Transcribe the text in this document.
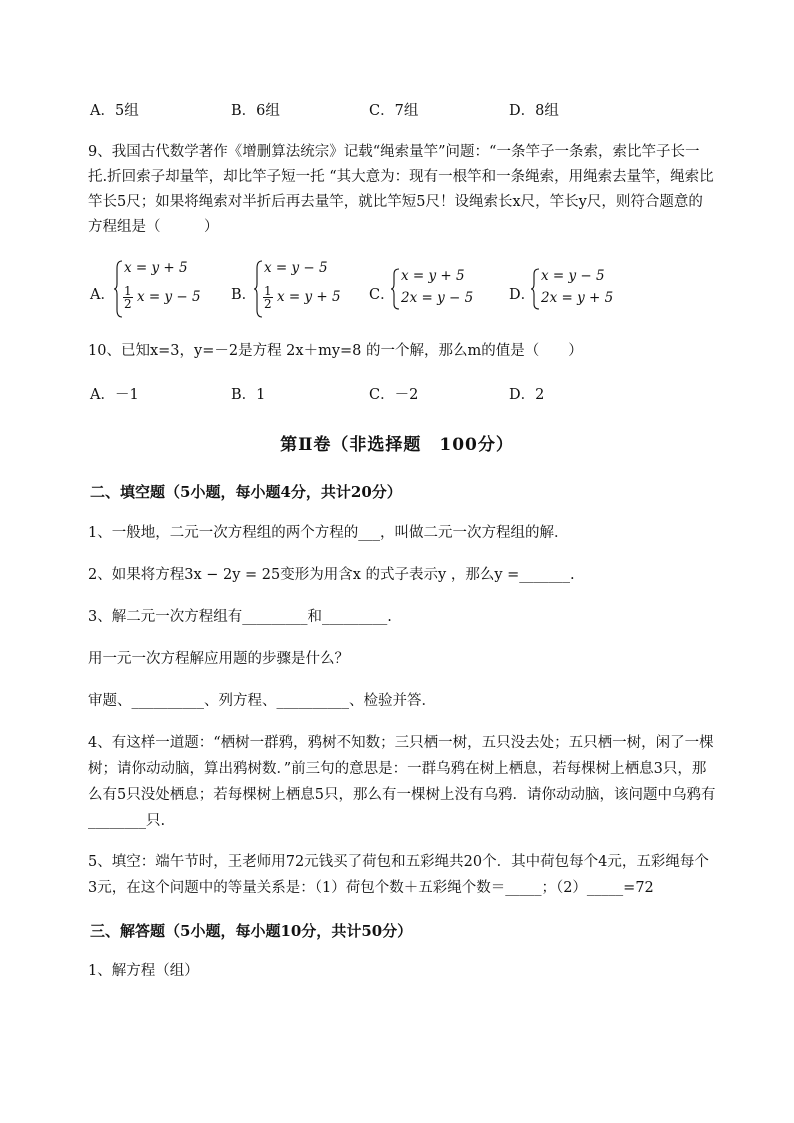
A．5组	B．6组	C．7组	D．8组
9、我国古代数学著作《增删算法统宗》记载“绳索量竿”问题：“一条竿子一条索，索比竿子长一
托.折回索子却量竿，却比竿子短一托 “其大意为：现有一根竿和一条绳索，用绳索去量竿，绳索比
竿长5尺；如果将绳索对半折后再去量竿，就比竿短5尺！设绳索长x尺，竿长y尺，则符合题意的
方程组是（　　　）
A．
x = y + 5
$\frac{1}{2}$ x = y − 5 B．
x = y − 5
$\frac{1}{2}$ x = y + 5 C．
x = y + 5
2x = y − 5 D．
x = y − 5
2x = y + 5
10、已知x=3，y=－2是方程 2x＋my=8 的一个解，那么m的值是（　　）
A．－1	B．1	C．－2	D．2
第Ⅱ卷（非选择题　100分）
二、填空题（5小题，每小题4分，共计20分）
1、一般地，二元一次方程组的两个方程的___，叫做二元一次方程组的解．
2、如果将方程3x − 2y = 25变形为用含x 的式子表示y ，那么y =_______.
3、解二元一次方程组有_________和_________.
用一元一次方程解应用题的步骤是什么？
审题、__________、列方程、__________、检验并答．
4、有这样一道题：“栖树一群鸦，鸦树不知数；三只栖一树，五只没去处；五只栖一树，闲了一棵
树；请你动动脑，算出鸦树数．”前三句的意思是：一群乌鸦在树上栖息，若每棵树上栖息3只，那
么有5只没处栖息；若每棵树上栖息5只，那么有一棵树上没有乌鸦．请你动动脑，该问题中乌鸦有
________只.
5、填空：端午节时，王老师用72元钱买了荷包和五彩绳共20个．其中荷包每个4元，五彩绳每个
3元，在这个问题中的等量关系是：（1）荷包个数＋五彩绳个数＝_____；（2）_____=72
三、解答题（5小题，每小题10分，共计50分）
1、解方程（组）
